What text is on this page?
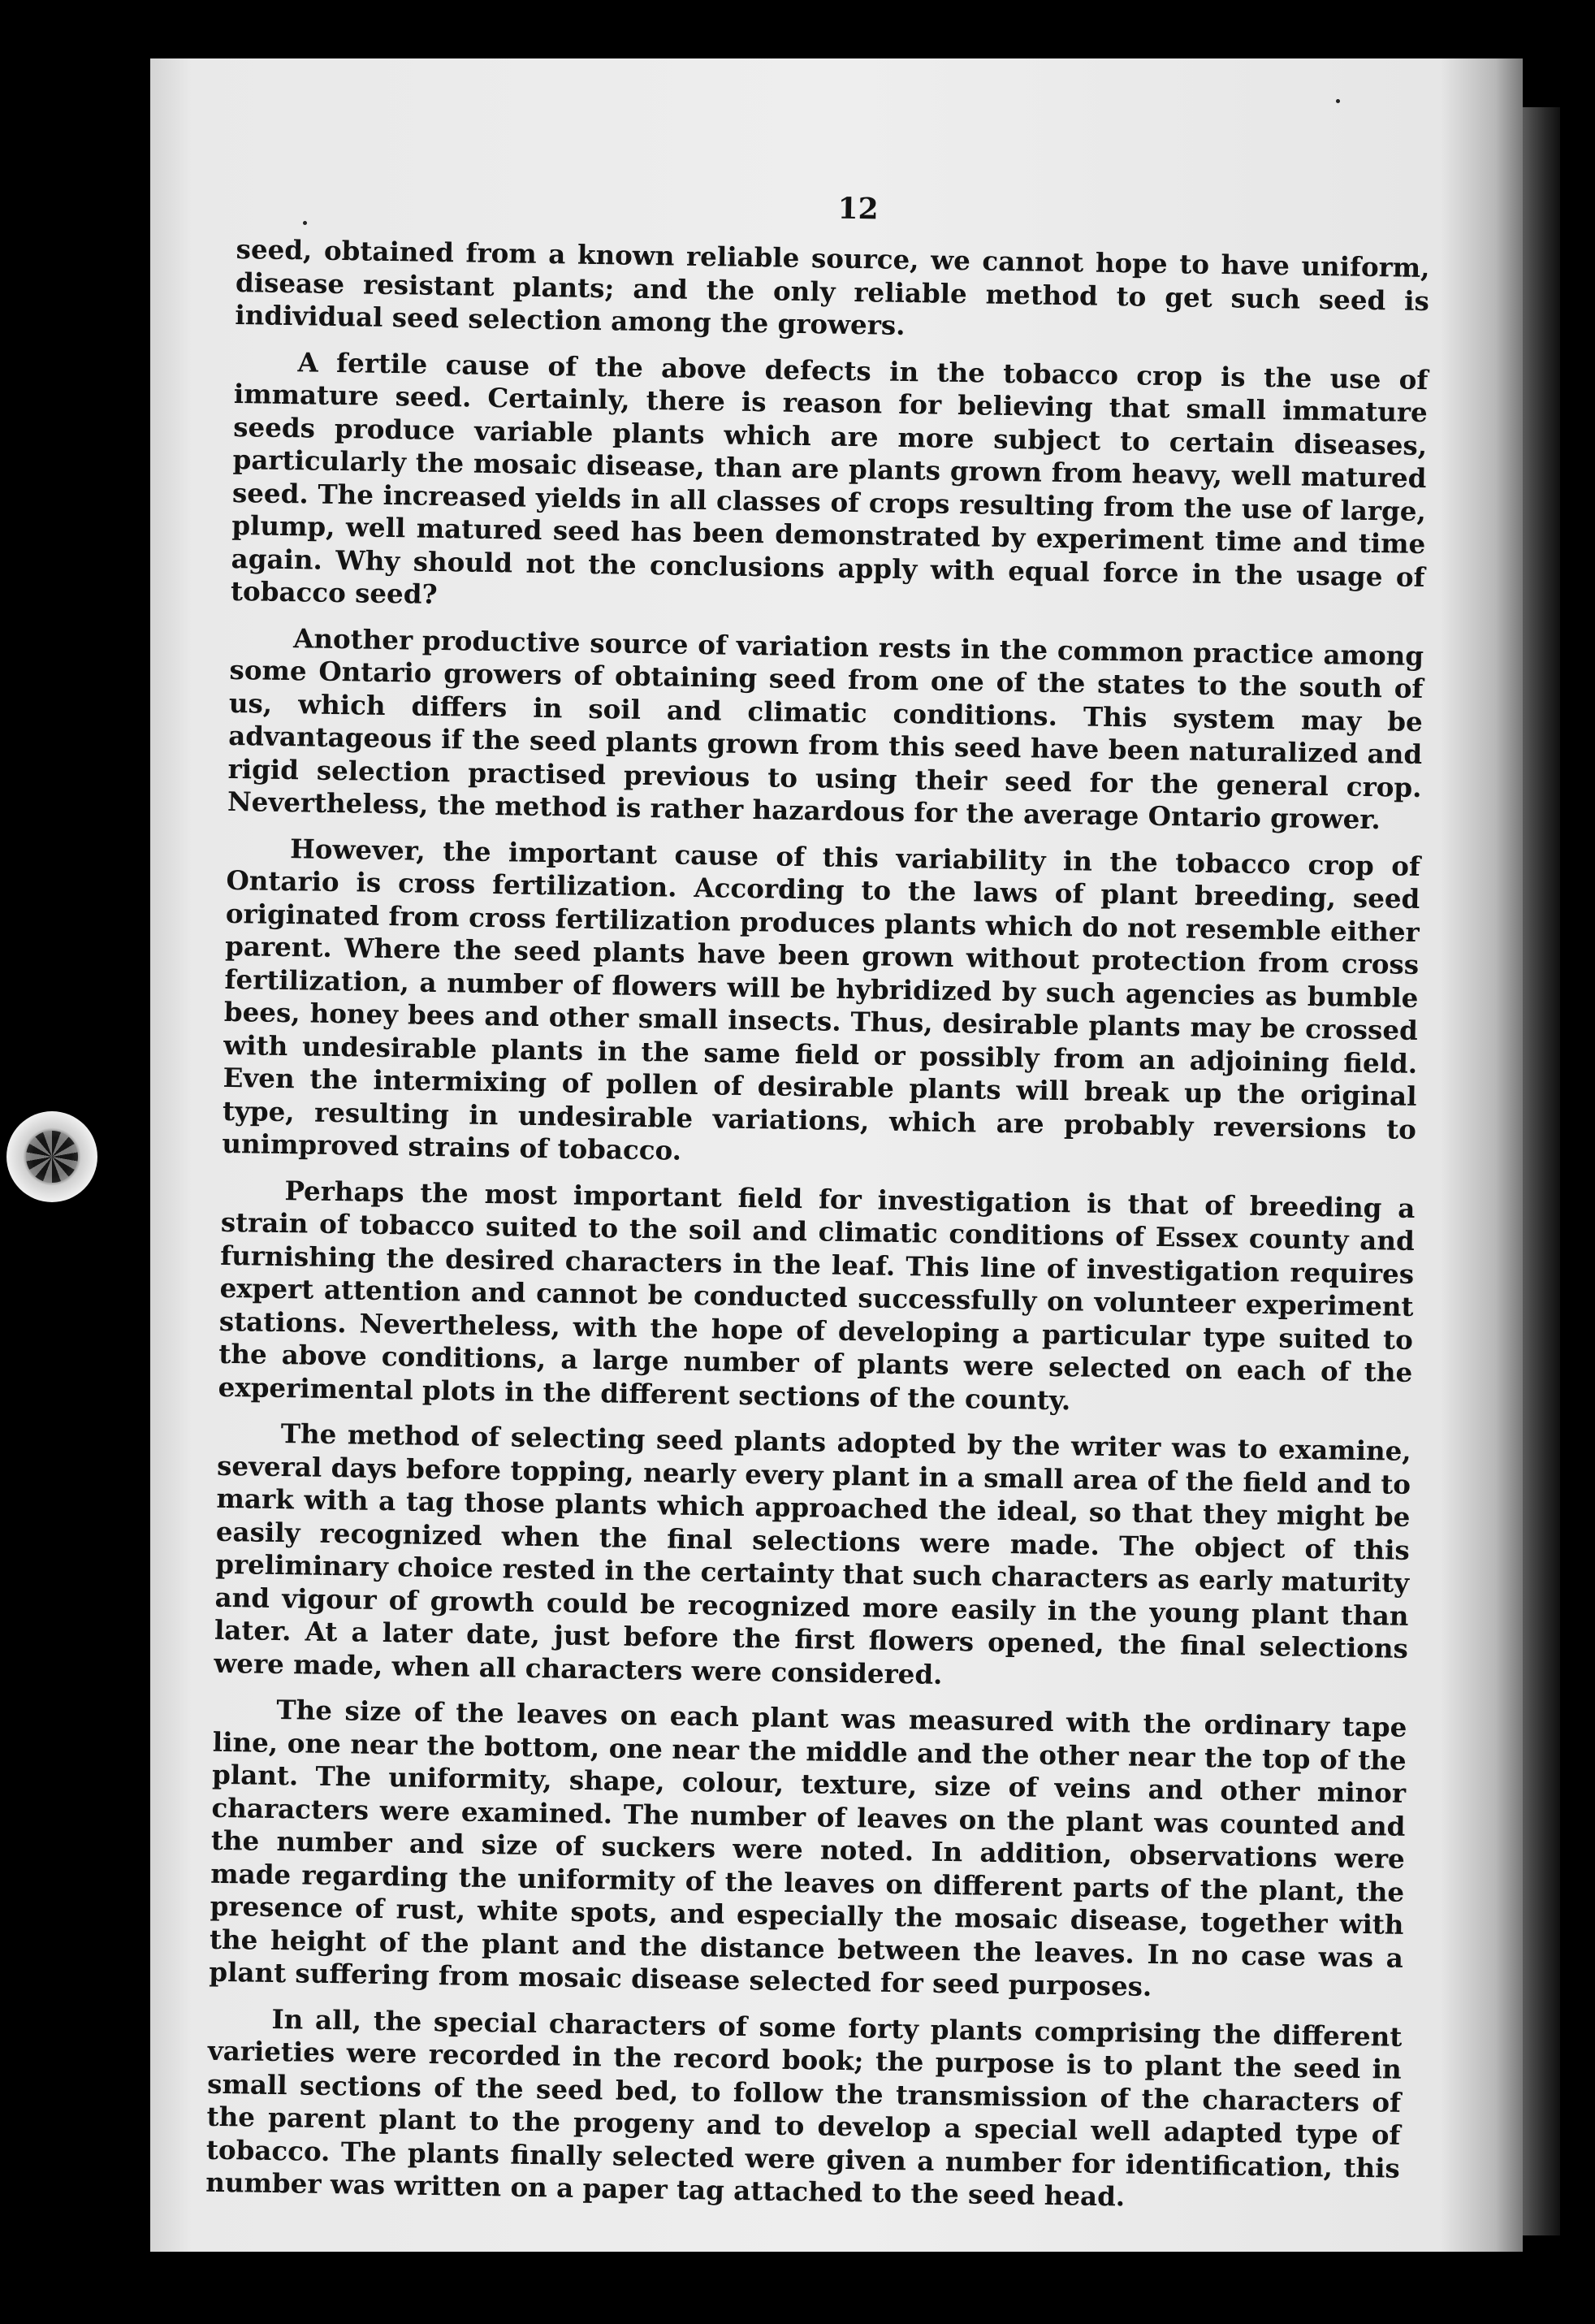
12

seed, obtained from a known reliable source, we cannot hope to have uniform, disease resistant plants; and the only reliable method to get such seed is individual seed selection among the growers.

A fertile cause of the above defects in the tobacco crop is the use of immature seed. Certainly, there is reason for believing that small immature seeds produce variable plants which are more subject to certain diseases, particularly the mosaic disease, than are plants grown from heavy, well matured seed. The increased yields in all classes of crops resulting from the use of large, plump, well matured seed has been demonstrated by experiment time and time again. Why should not the conclusions apply with equal force in the usage of tobacco seed?

Another productive source of variation rests in the common practice among some Ontario growers of obtaining seed from one of the states to the south of us, which differs in soil and climatic conditions. This system may be advantageous if the seed plants grown from this seed have been naturalized and rigid selection practised previous to using their seed for the general crop. Nevertheless, the method is rather hazardous for the average Ontario grower.

However, the important cause of this variability in the tobacco crop of Ontario is cross fertilization. According to the laws of plant breeding, seed originated from cross fertilization produces plants which do not resemble either parent. Where the seed plants have been grown without protection from cross fertilization, a number of flowers will be hybridized by such agencies as bumble bees, honey bees and other small insects. Thus, desirable plants may be crossed with undesirable plants in the same field or possibly from an adjoining field. Even the intermixing of pollen of desirable plants will break up the original type, resulting in undesirable variations, which are probably reversions to unimproved strains of tobacco.

Perhaps the most important field for investigation is that of breeding a strain of tobacco suited to the soil and climatic conditions of Essex county and furnishing the desired characters in the leaf. This line of investigation requires expert attention and cannot be conducted successfully on volunteer experiment stations. Nevertheless, with the hope of developing a particular type suited to the above conditions, a large number of plants were selected on each of the experimental plots in the different sections of the county.

The method of selecting seed plants adopted by the writer was to examine, several days before topping, nearly every plant in a small area of the field and to mark with a tag those plants which approached the ideal, so that they might be easily recognized when the final selections were made. The object of this preliminary choice rested in the certainty that such characters as early maturity and vigour of growth could be recognized more easily in the young plant than later. At a later date, just before the first flowers opened, the final selections were made, when all characters were considered.

The size of the leaves on each plant was measured with the ordinary tape line, one near the bottom, one near the middle and the other near the top of the plant. The uniformity, shape, colour, texture, size of veins and other minor characters were examined. The number of leaves on the plant was counted and the number and size of suckers were noted. In addition, observations were made regarding the uniformity of the leaves on different parts of the plant, the presence of rust, white spots, and especially the mosaic disease, together with the height of the plant and the distance between the leaves. In no case was a plant suffering from mosaic disease selected for seed purposes.

In all, the special characters of some forty plants comprising the different varieties were recorded in the record book; the purpose is to plant the seed in small sections of the seed bed, to follow the transmission of the characters of the parent plant to the progeny and to develop a special well adapted type of tobacco. The plants finally selected were given a number for identification, this number was written on a paper tag attached to the seed head.
